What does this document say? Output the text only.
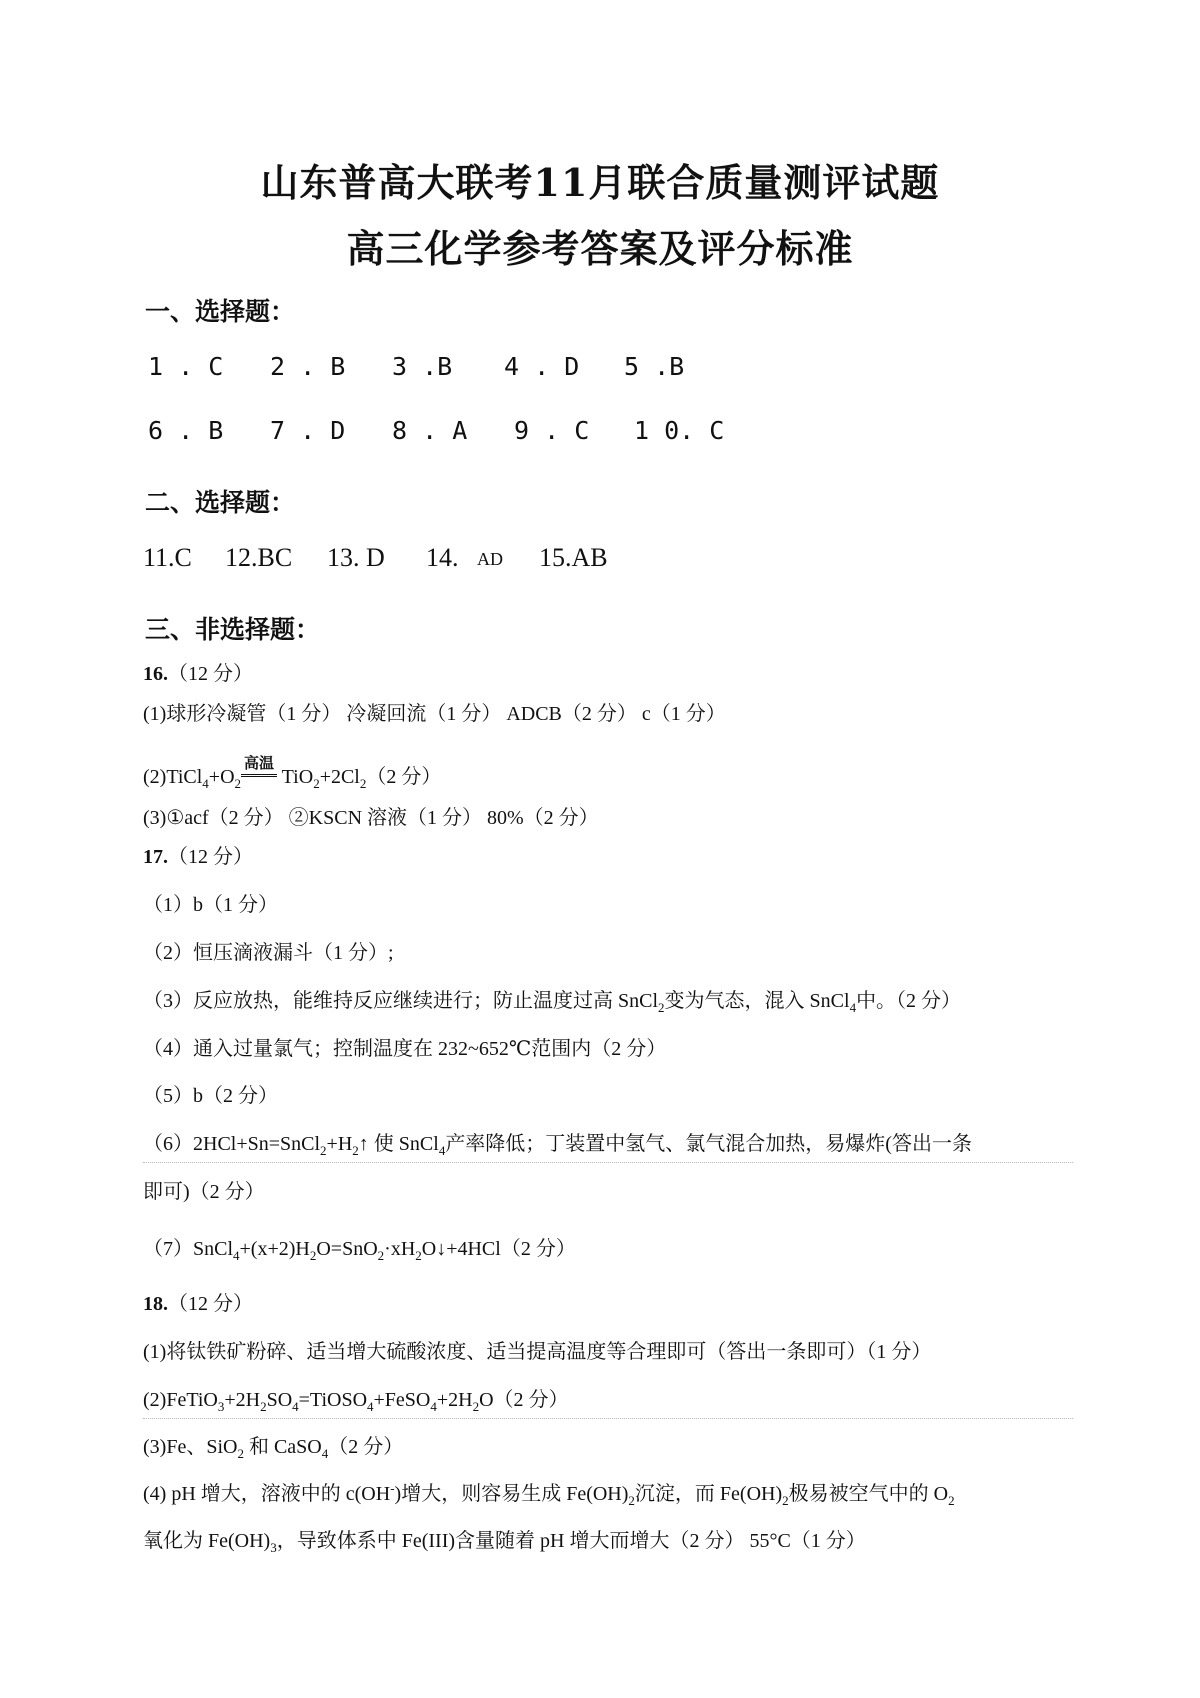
山东普高大联考11月联合质量测评试题
高三化学参考答案及评分标准
一、选择题：
1 . C 2 . B 3 .B 4 . D 5 .B
6 . B 7 . D 8 . A 9 . C 1 0. C
二、选择题：
11.C 12.BC 13. D 14. AD 15.AB
三、非选择题：
16.（12 分）
(1)球形冷凝管（1 分） 冷凝回流（1 分） ADCB（2 分） c（1 分）
$(2)TiCl_4+O_2$
高温
$TiO_2+2Cl_2(2$ 分）
(3)①acf（2 分） ②KSCN 溶液（1 分） 80%（2 分）
17.（12 分）
（1）b（1 分）
（2）恒压滴液漏斗（1 分）;
（3）反应放热，能维持反应继续进行；防止温度过高 SnCl$_2$变为气态，混入 SnCl$_4$中。（2 分）
（4）通入过量氯气；控制温度在 232~652℃范围内（2 分）
（5）b（2 分）
$(6)2HCl+Sn=SnCl_2+H_2↑$ 使 SnCl$_4$产率降低；丁装置中氢气、氯气混合加热，易爆炸(答出一条
即可)（2 分）
$(7)SnCl_4+(x+2)H_2O=SnO_2\cdot xH_2O↓+4HCl(2$ 分）
18.（12 分）
(1)将钛铁矿粉碎、适当增大硫酸浓度、适当提高温度等合理即可（答出一条即可）（1 分）
$(2)FeTiO_3+2H_2SO_4=TiOSO_4+FeSO_4+2H_2O(2$ 分）
(3)Fe、SiO$_2$ 和 CaSO$_4$（2 分）
(4) pH 增大，溶液中的 c(OH-)增大，则容易生成 $Fe(OH)_2$沉淀，而 $Fe(OH)_2$极易被空气中的 $O_2$
氧化为 $Fe(OH)_3$，导致体系中 Fe(III)含量随着 pH 增大而增大（2 分） 55°C（1 分）
